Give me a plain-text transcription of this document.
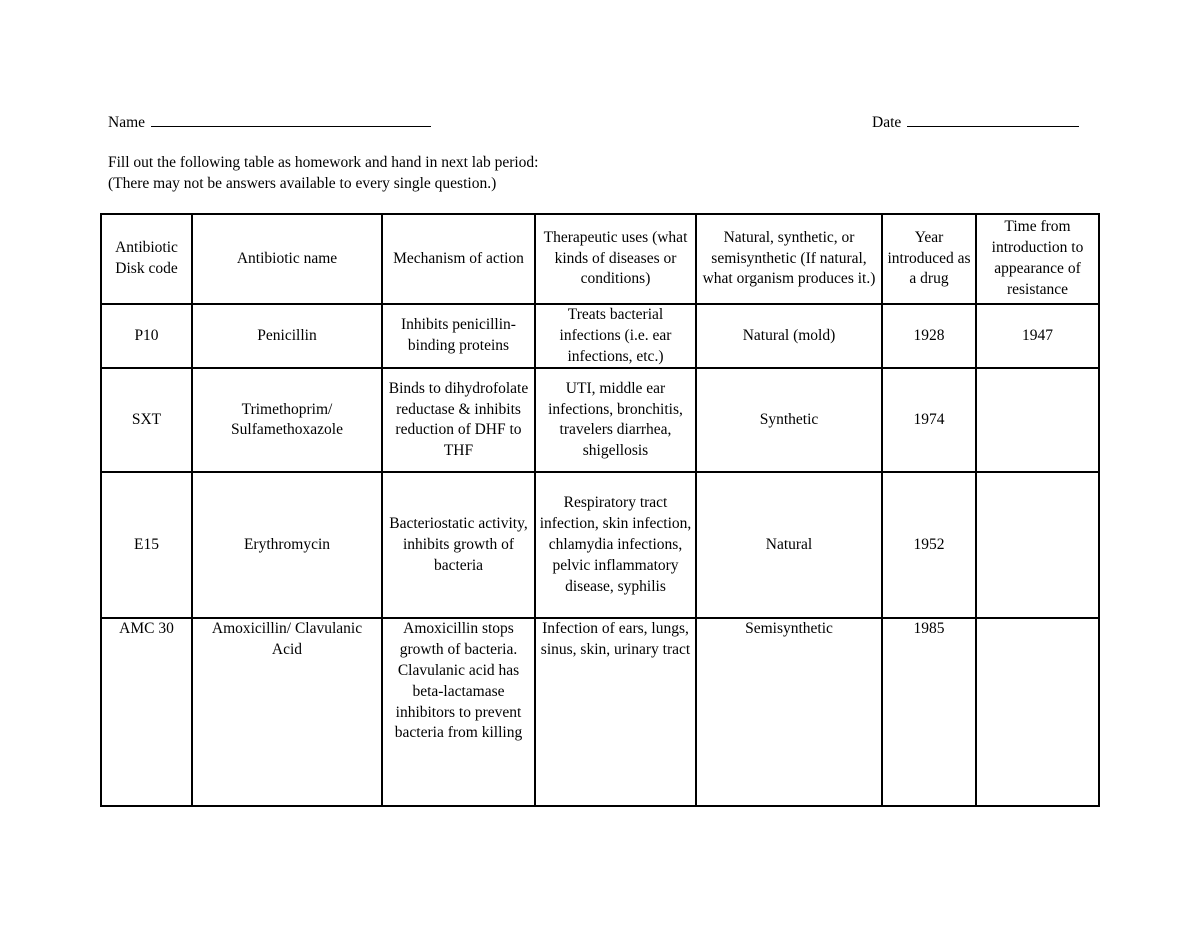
Name	Date
Fill out the following table as homework and hand in next lab period:
(There may not be answers available to every single question.)
Antibiotic Disk code	Antibiotic name	Mechanism of action	Therapeutic uses (what kinds of diseases or conditions)	Natural, synthetic, or semisynthetic (If natural, what organism produces it.)	Year introduced as a drug	Time from introduction to appearance of resistance
P10	Penicillin	Inhibits penicillin-binding proteins	Treats bacterial infections (i.e. ear infections, etc.)	Natural (mold)	1928	1947
SXT	Trimethoprim/ Sulfamethoxazole	Binds to dihydrofolate reductase & inhibits reduction of DHF to THF	UTI, middle ear infections, bronchitis, travelers diarrhea, shigellosis	Synthetic	1974	
E15	Erythromycin	Bacteriostatic activity, inhibits growth of bacteria	Respiratory tract infection, skin infection, chlamydia infections, pelvic inflammatory disease, syphilis	Natural	1952	
AMC 30	Amoxicillin/ Clavulanic Acid	Amoxicillin stops growth of bacteria. Clavulanic acid has beta-lactamase inhibitors to prevent bacteria from killing	Infection of ears, lungs, sinus, skin, urinary tract	Semisynthetic	1985	
